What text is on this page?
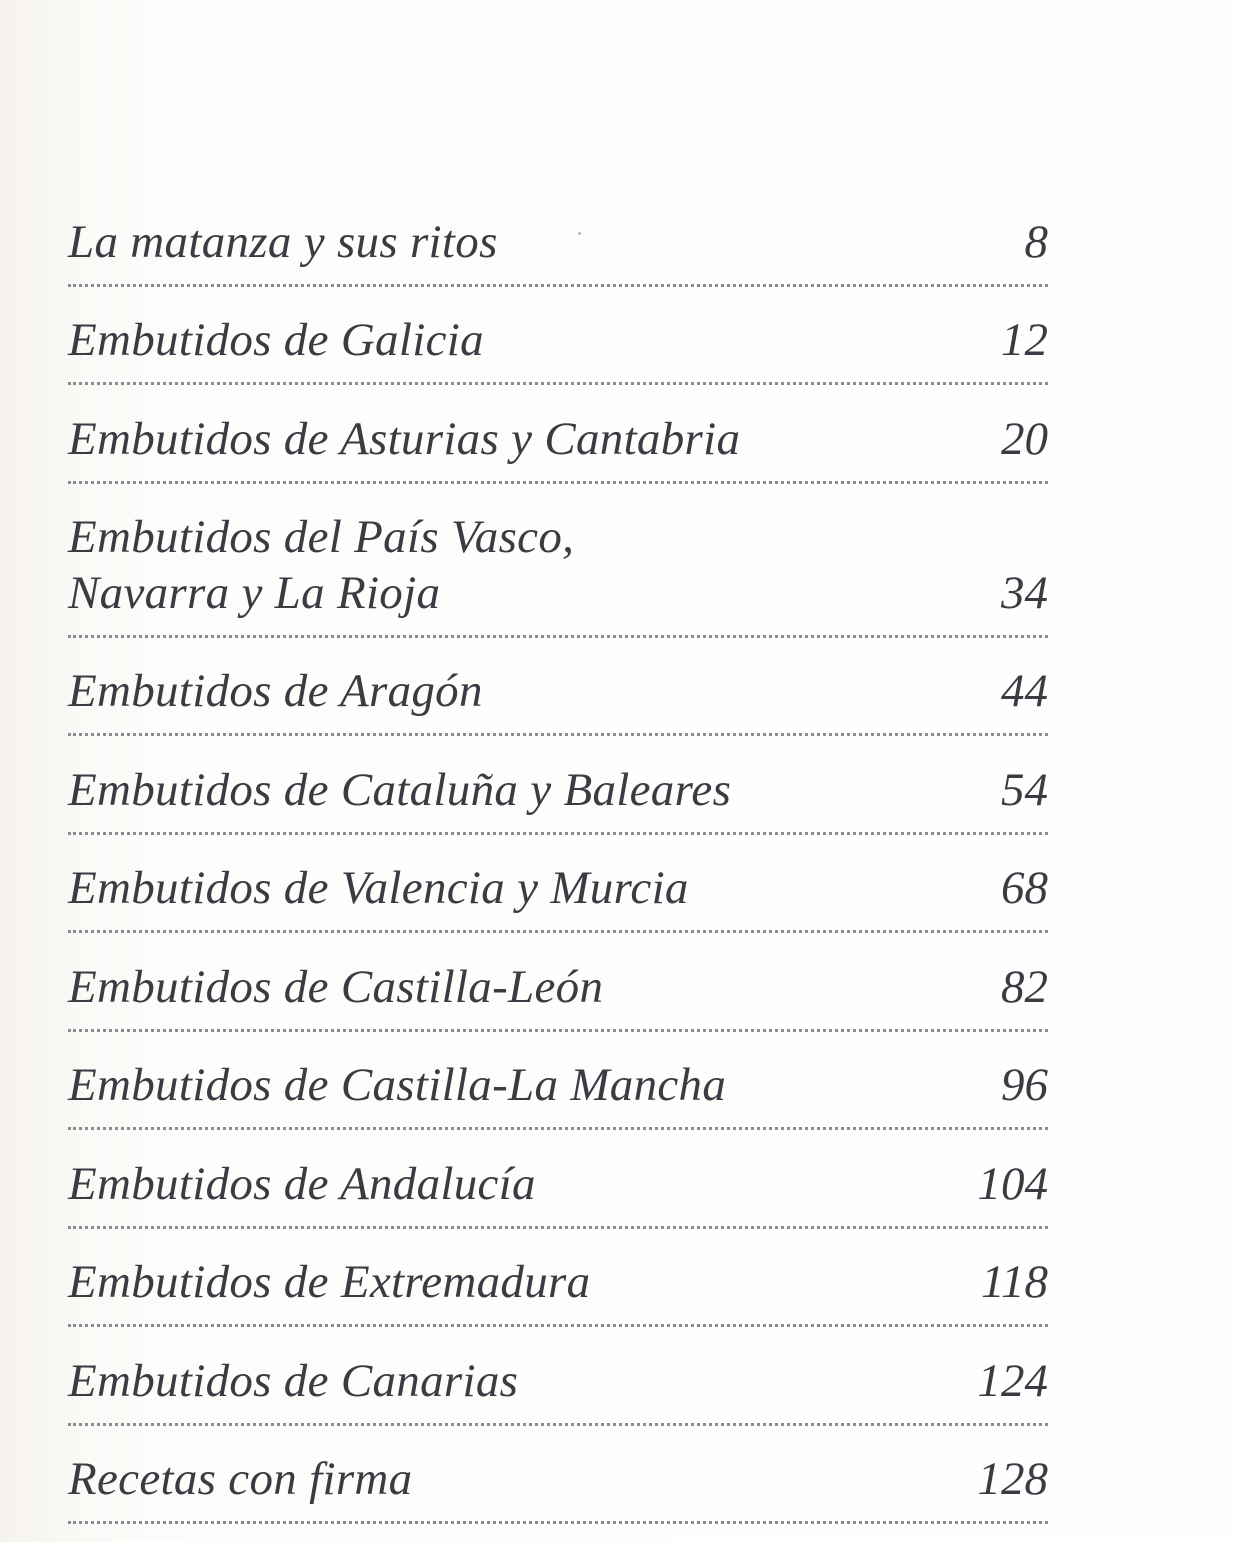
La matanza y sus ritos	8
Embutidos de Galicia	12
Embutidos de Asturias y Cantabria	20
Embutidos del País Vasco,
Navarra y La Rioja	34
Embutidos de Aragón	44
Embutidos de Cataluña y Baleares	54
Embutidos de Valencia y Murcia	68
Embutidos de Castilla-León	82
Embutidos de Castilla-La Mancha	96
Embutidos de Andalucía	104
Embutidos de Extremadura	118
Embutidos de Canarias	124
Recetas con firma	128
